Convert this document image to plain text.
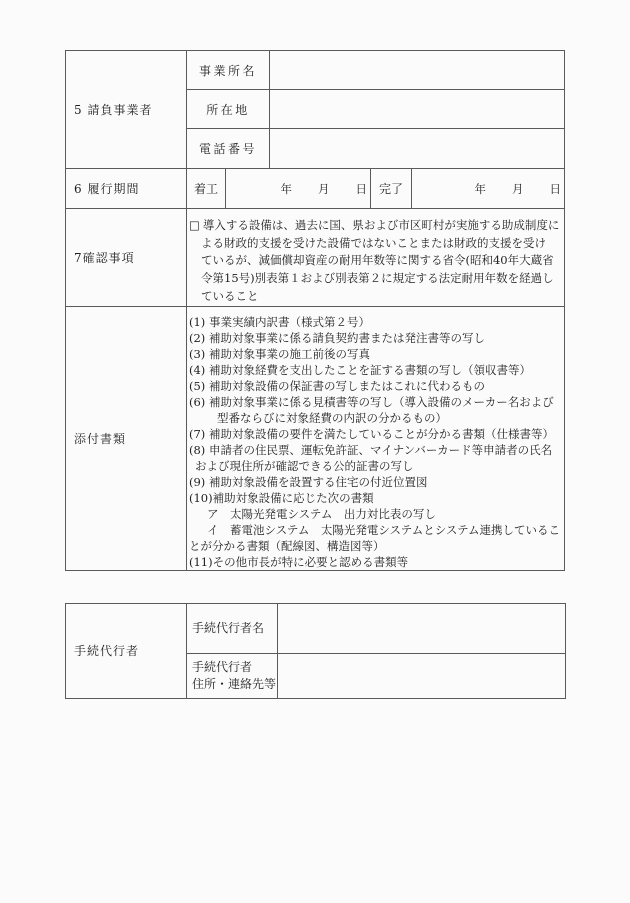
5 請負事業者	事業所名				
	所在地				
	電話番号				
6 履行期間	着工	年 月 日		完了	年 月 日
7確認事項	□ 導入する設備は、過去に国、県および市区町村が実施する助成制度に
よる財政的支援を受けた設備ではないことまたは財政的支援を受け
ているが、減価償却資産の耐用年数等に関する省令(昭和40年大蔵省
令第15号)別表第１および別表第２に規定する法定耐用年数を経過し
ていること				

添付書類	
(1) 事業実績内訳書（様式第２号）
(2) 補助対象事業に係る請負契約書または発注書等の写し
(3) 補助対象事業の施工前後の写真
(4) 補助対象経費を支出したことを証する書類の写し（領収書等）
(5) 補助対象設備の保証書の写しまたはこれに代わるもの
(6) 補助対象事業に係る見積書等の写し（導入設備のメーカー名および
型番ならびに対象経費の内訳の分かるもの）
(7) 補助対象設備の要件を満たしていることが分かる書類（仕様書等）
(8) 申請者の住民票、運転免許証、マイナンバーカード等申請者の氏名
および現住所が確認できる公的証書の写し
(9) 補助対象設備を設置する住宅の付近位置図
(10)補助対象設備に応じた次の書類
ア　太陽光発電システム　出力対比表の写し
イ　蓄電池システム　太陽光発電システムとシステム連携しているこ
とが分かる書類（配線図、構造図等）
(11)その他市長が特に必要と認める書類等
手続代行者	手続代行者名	

	手続代行者
住所・連絡先等	
